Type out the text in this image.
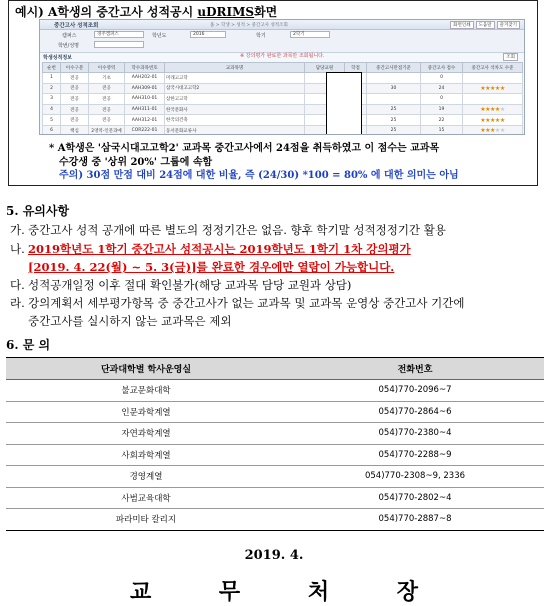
예시) A학생의 중간고사 성적공시 uDRIMS화면
중간고사 성적조회	홈 > 학생 > 성적 > 중간고사 성적조회	화면인쇄	도움말	즐겨찾기
캠퍼스	경주캠퍼스	학년도	2016	학기	2학기
학번/성명
※ 강의평가 완료한 과목만 조회됩니다.
학생성적정보	조회
순번	이수구분	이수영역	학수과목번호	교과목명	담당교원	학점	중간고사만점기준	중간고사 점수	중간고사 석차도 수준
1	전공	기초	AAH202-01	미래고고학				0	
2	전공	전공	AAH309-01	삼국시대고고학2			30	24	★★★★★
3	전공	전공	AAH310-01	삼한고고학				0	
4	전공	전공	AAH311-01	한국문화사			25	19	★★★★★
5	전공	전공	AAH312-01	한국의건축			25	22	★★★★★
6	핵심	2영역-인문과예	COR222-01	동서문화교류사			25	15	★★★★★
* A학생은 '삼국시대고고학2' 교과목 중간고사에서 24점을 취득하였고 이 점수는 교과목
수강생 중 '상위 20%' 그룹에 속함
주의) 30점 만점 대비 24점에 대한 비율, 즉 (24/30) *100 = 80% 에 대한 의미는 아님
5. 유의사항
가. 중간고사 성적 공개에 따른 별도의 정정기간은 없음. 향후 학기말 성적정정기간 활용
나. 2019학년도 1학기 중간고사 성적공시는 2019학년도 1학기 1차 강의평가
[2019. 4. 22(월) ~ 5. 3(금)]를 완료한 경우에만 열람이 가능합니다.
다. 성적공개일정 이후 절대 확인불가(해당 교과목 담당 교원과 상담)
라. 강의계획서 세부평가항목 중 중간고사가 없는 교과목 및 교과목 운영상 중간고사 기간에
중간고사를 실시하지 않는 교과목은 제외
6. 문 의
단과대학별 학사운영실	전화번호
불교문화대학	054)770-2096~7
인문과학계열	054)770-2864~6
자연과학계열	054)770-2380~4
사회과학계열	054)770-2288~9
경영계열	054)770-2308~9, 2336
사범교육대학	054)770-2802~4
파라미타 칼리지	054)770-2887~8
2019. 4.
교 무 처 장
